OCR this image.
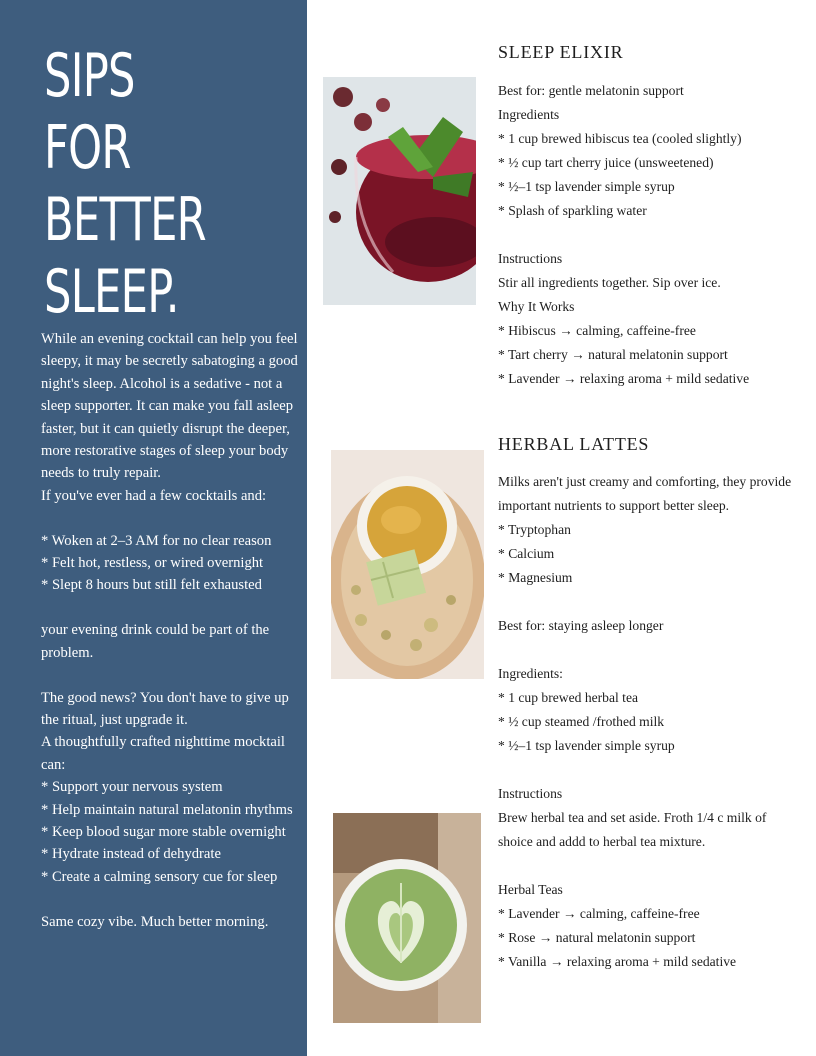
SIPS
FOR
BETTER
SLEEP.
While an evening cocktail can help you feel sleepy, it may be secretly sabatoging a good night's sleep. Alcohol is a sedative - not a sleep supporter. It can make you fall asleep faster, but it can quietly disrupt the deeper, more restorative stages of sleep your body needs to truly repair.
If you've ever had a few cocktails and:

* Woken at 2–3 AM for no clear reason
* Felt hot, restless, or wired overnight
* Slept 8 hours but still felt exhausted

your evening drink could be part of the problem.

The good news? You don't have to give up the ritual, just upgrade it.
A thoughtfully crafted nighttime mocktail can:
* Support your nervous system
* Help maintain natural melatonin rhythms
* Keep blood sugar more stable overnight
* Hydrate instead of dehydrate
* Create a calming sensory cue for sleep

Same cozy vibe. Much better morning.
SLEEP ELIXIR
Best for: gentle melatonin support
Ingredients
* 1 cup brewed hibiscus tea (cooled slightly)
* ½ cup tart cherry juice (unsweetened)
* ½–1 tsp lavender simple syrup
* Splash of sparkling water

Instructions
Stir all ingredients together. Sip over ice.
Why It Works
* Hibiscus → calming, caffeine-free
* Tart cherry → natural melatonin support
* Lavender → relaxing aroma + mild sedative
HERBAL LATTES
Milks aren't just creamy and comforting, they provide important nutrients to support better sleep.
* Tryptophan
* Calcium
* Magnesium

Best for: staying asleep longer

Ingredients:
* 1 cup brewed herbal tea
* ½ cup steamed /frothed milk
* ½–1 tsp lavender simple syrup

Instructions
Brew herbal tea and set aside. Froth 1/4 c milk of shoice and addd to herbal tea mixture.

Herbal Teas
* Lavender → calming, caffeine-free
* Rose → natural melatonin support
* Vanilla → relaxing aroma + mild sedative
